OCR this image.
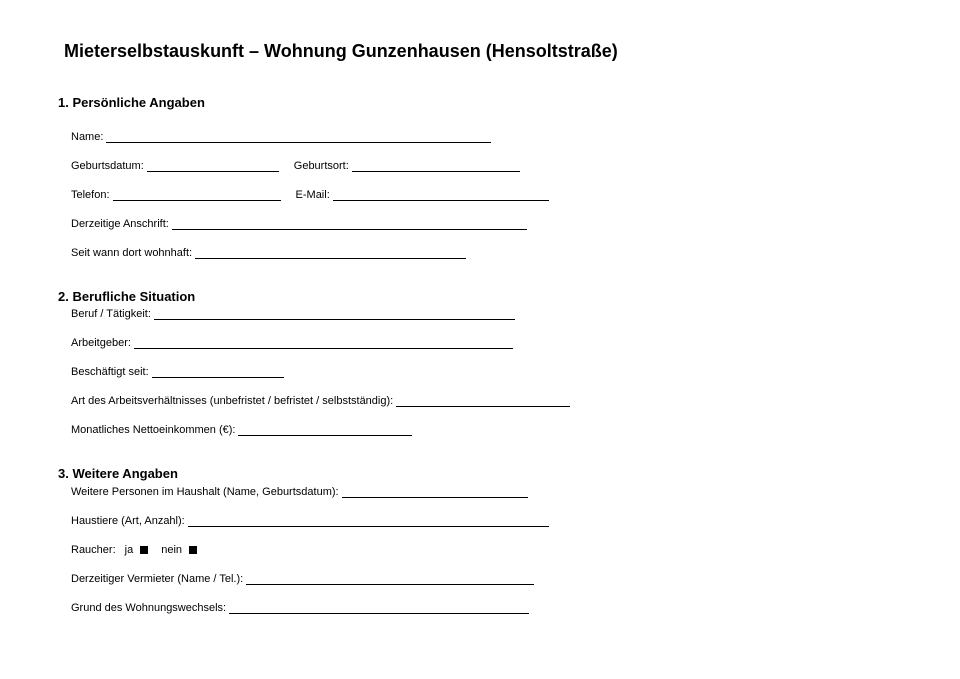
Mieterselbstauskunft – Wohnung Gunzenhausen (Hensoltstraße)
1. Persönliche Angaben
Name:
Geburtsdatum:	Geburtsort:
Telefon:	E-Mail:
Derzeitige Anschrift:
Seit wann dort wohnhaft:
2. Berufliche Situation
Beruf / Tätigkeit:
Arbeitgeber:
Beschäftigt seit:
Art des Arbeitsverhältnisses (unbefristet / befristet / selbstständig):
Monatliches Nettoeinkommen (€):
3. Weitere Angaben
Weitere Personen im Haushalt (Name, Geburtsdatum):
Haustiere (Art, Anzahl):
Raucher: ja	nein
Derzeitiger Vermieter (Name / Tel.):
Grund des Wohnungswechsels:
